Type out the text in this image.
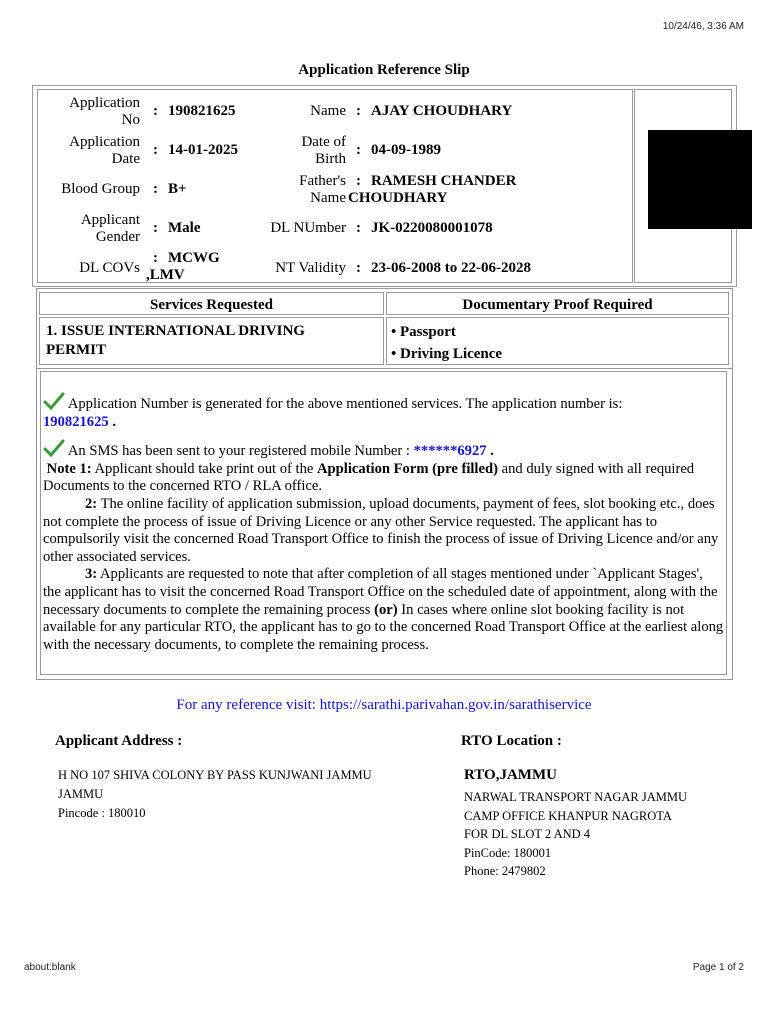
10/24/46, 3:36 AM
Application Reference Slip
Application
No
: 190821625
Application
Date
: 14-01-2025
Blood Group : B+
Applicant
Gender
: Male
DL COVs
: MCWG
,LMV
Name : AJAY CHOUDHARY
Date of
Birth
: 04-09-1989
Father's
Name
: RAMESH CHANDER
CHOUDHARY
DL NUmber : JK-0220080001078
NT Validity : 23-06-2008 to 22-06-2028
Services Requested	Documentary Proof Required
1. ISSUE INTERNATIONAL DRIVING
PERMIT
• Passport
• Driving Licence

Application Number is generated for the above mentioned services. The application number is:
190821625 .

An SMS has been sent to your registered mobile Number : ******6927 .

Note 1: Applicant should take print out of the Application Form (pre filled) and duly signed with all required Documents to the concerned RTO / RLA office.

2: The online facility of application submission, upload documents, payment of fees, slot booking etc., does not complete the process of issue of Driving Licence or any other Service requested. The applicant has to compulsorily visit the concerned Road Transport Office to finish the process of issue of Driving Licence and/or any other associated services.

3: Applicants are requested to note that after completion of all stages mentioned under `Applicant Stages', the applicant has to visit the concerned Road Transport Office on the scheduled date of appointment, along with the necessary documents to complete the remaining process (or) In cases where online slot booking facility is not available for any particular RTO, the applicant has to go to the concerned Road Transport Office at the earliest along with the necessary documents, to complete the remaining process.

For any reference visit: https://sarathi.parivahan.gov.in/sarathiservice
Applicant Address :
H NO 107 SHIVA COLONY BY PASS KUNJWANI JAMMU
JAMMU
Pincode : 180010
RTO Location :
RTO,JAMMU
NARWAL TRANSPORT NAGAR JAMMU
CAMP OFFICE KHANPUR NAGROTA
FOR DL SLOT 2 AND 4
PinCode: 180001
Phone: 2479802
about:blank	Page 1 of 2
